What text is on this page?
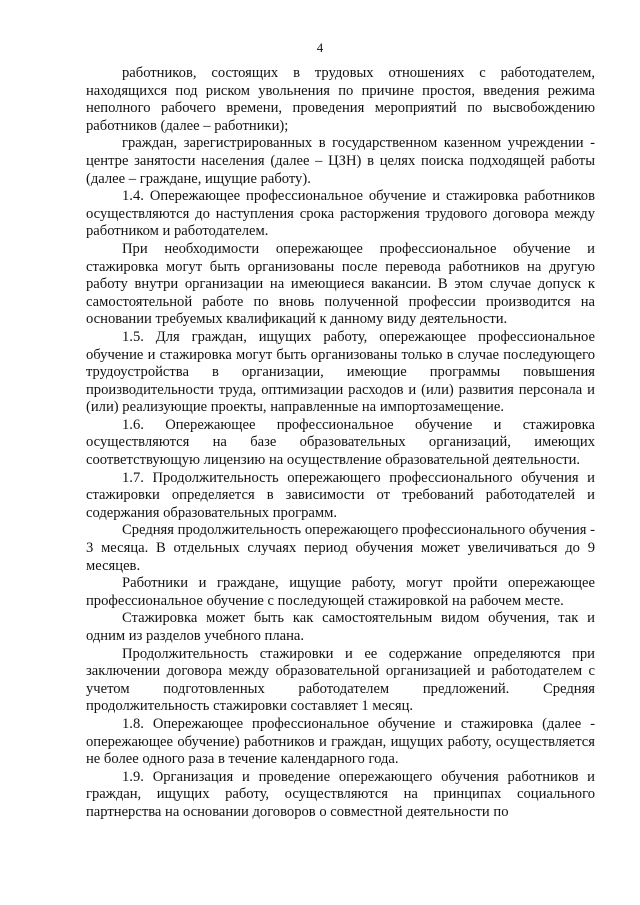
4

работников, состоящих в трудовых отношениях с работодателем, находящихся под риском увольнения по причине простоя, введения режима неполного рабочего времени, проведения мероприятий по высвобождению работников (далее – работники);

граждан, зарегистрированных в государственном казенном учреждении - центре занятости населения (далее – ЦЗН) в целях поиска подходящей работы (далее – граждане, ищущие работу).

1.4. Опережающее профессиональное обучение и стажировка работников осуществляются до наступления срока расторжения трудового договора между работником и работодателем.

При необходимости опережающее профессиональное обучение и стажировка могут быть организованы после перевода работников на другую работу внутри организации на имеющиеся вакансии. В этом случае допуск к самостоятельной работе по вновь полученной профессии производится на основании требуемых квалификаций к данному виду деятельности.

1.5. Для граждан, ищущих работу, опережающее профессиональное обучение и стажировка могут быть организованы только в случае последующего трудоустройства в организации, имеющие программы повышения производительности труда, оптимизации расходов и (или) развития персонала и (или) реализующие проекты, направленные на импортозамещение.

1.6. Опережающее профессиональное обучение и стажировка осуществляются на базе образовательных организаций, имеющих соответствующую лицензию на осуществление образовательной деятельности.

1.7. Продолжительность опережающего профессионального обучения и стажировки определяется в зависимости от требований работодателей и содержания образовательных программ.

Средняя продолжительность опережающего профессионального обучения - 3 месяца. В отдельных случаях период обучения может увеличиваться до 9 месяцев.

Работники и граждане, ищущие работу, могут пройти опережающее профессиональное обучение с последующей стажировкой на рабочем месте.

Стажировка может быть как самостоятельным видом обучения, так и одним из разделов учебного плана.

Продолжительность стажировки и ее содержание определяются при заключении договора между образовательной организацией и работодателем с учетом подготовленных работодателем предложений. Средняя продолжительность стажировки составляет 1 месяц.

1.8. Опережающее профессиональное обучение и стажировка (далее - опережающее обучение) работников и граждан, ищущих работу, осуществляется не более одного раза в течение календарного года.

1.9. Организация и проведение опережающего обучения работников и граждан, ищущих работу, осуществляются на принципах социального партнерства на основании договоров о совместной деятельности по
